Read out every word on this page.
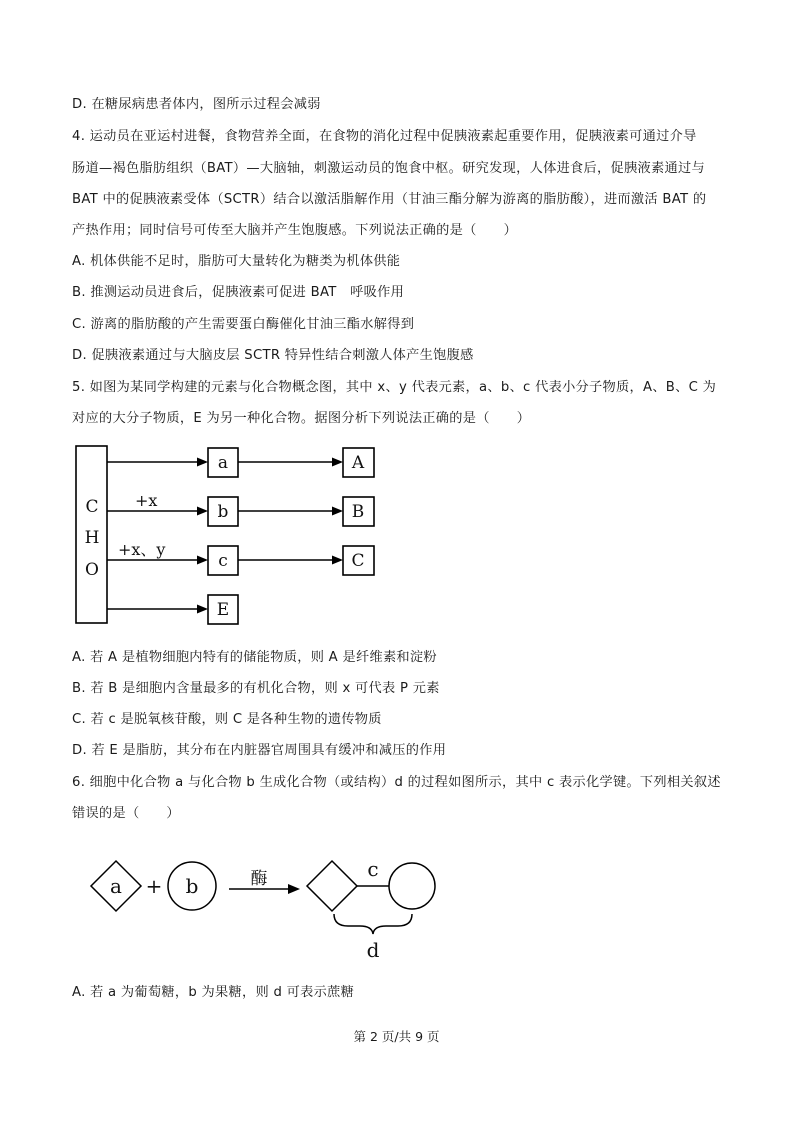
D. 在糖尿病患者体内，图所示过程会减弱
4. 运动员在亚运村进餐，食物营养全面，在食物的消化过程中促胰液素起重要作用，促胰液素可通过介导
肠道—褐色脂肪组织（BAT）—大脑轴，刺激运动员的饱食中枢。研究发现，人体进食后，促胰液素通过与
BAT 中的促胰液素受体（SCTR）结合以激活脂解作用（甘油三酯分解为游离的脂肪酸），进而激活 BAT 的
产热作用；同时信号可传至大脑并产生饱腹感。下列说法正确的是（　　）
A. 机体供能不足时，脂肪可大量转化为糖类为机体供能
B. 推测运动员进食后，促胰液素可促进 BAT　呼吸作用
C. 游离的脂肪酸的产生需要蛋白酶催化甘油三酯水解得到
D. 促胰液素通过与大脑皮层 SCTR 特异性结合刺激人体产生饱腹感
5. 如图为某同学构建的元素与化合物概念图，其中 x、y 代表元素，a、b、c 代表小分子物质，A、B、C 为
对应的大分子物质，E 为另一种化合物。据图分析下列说法正确的是（　　）
C
H
O
a
b
c
E
A
B
C
+x
+x、y
A. 若 A 是植物细胞内特有的储能物质，则 A 是纤维素和淀粉
B. 若 B 是细胞内含量最多的有机化合物，则 x 可代表 P 元素
C. 若 c 是脱氧核苷酸，则 C 是各种生物的遗传物质
D. 若 E 是脂肪，其分布在内脏器官周围具有缓冲和减压的作用
6. 细胞中化合物 a 与化合物 b 生成化合物（或结构）d 的过程如图所示，其中 c 表示化学键。下列相关叙述
错误的是（　　）
a + b
c
d
酶
A. 若 a 为葡萄糖，b 为果糖，则 d 可表示蔗糖
第 2 页/共 9 页
